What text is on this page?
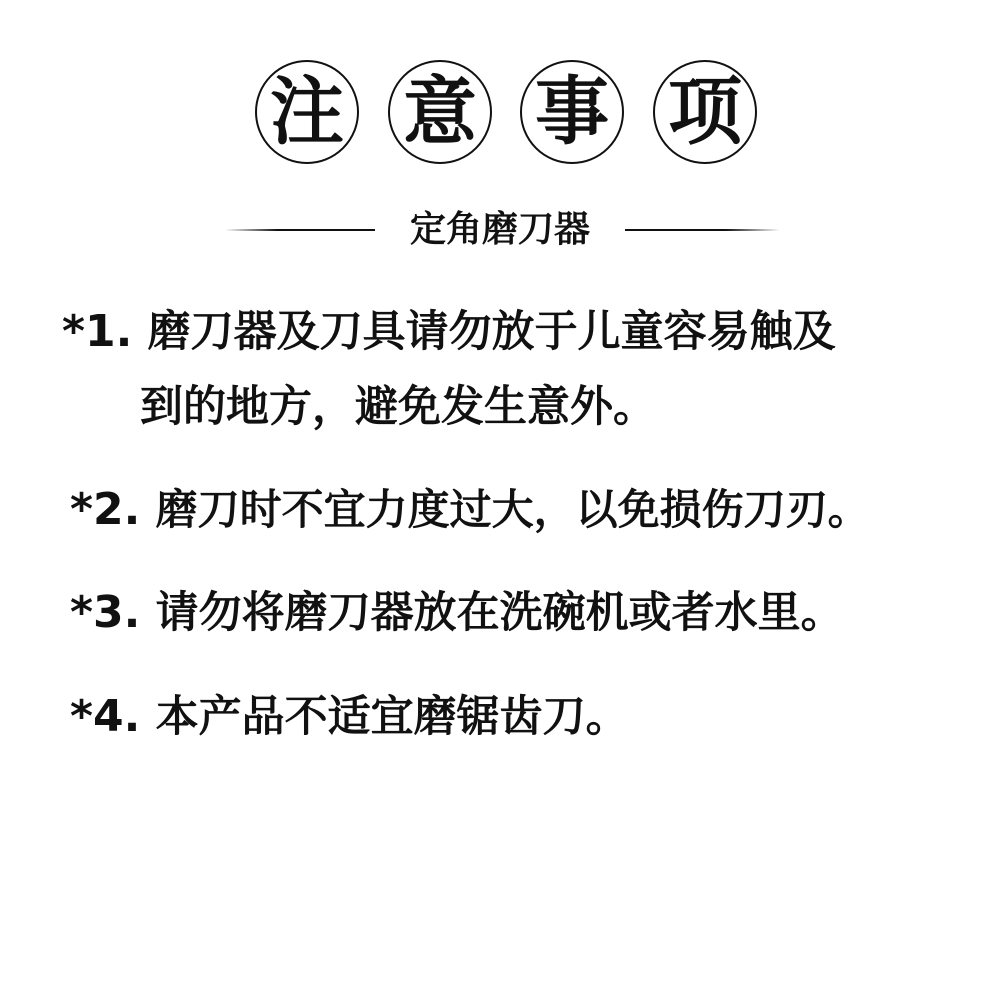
注 意 事 项
定角磨刀器
*1. 磨刀器及刀具请勿放于儿童容易触及
到的地方，避免发生意外。
*2. 磨刀时不宜力度过大，以免损伤刀刃。
*3. 请勿将磨刀器放在洗碗机或者水里。
*4. 本产品不适宜磨锯齿刀。
